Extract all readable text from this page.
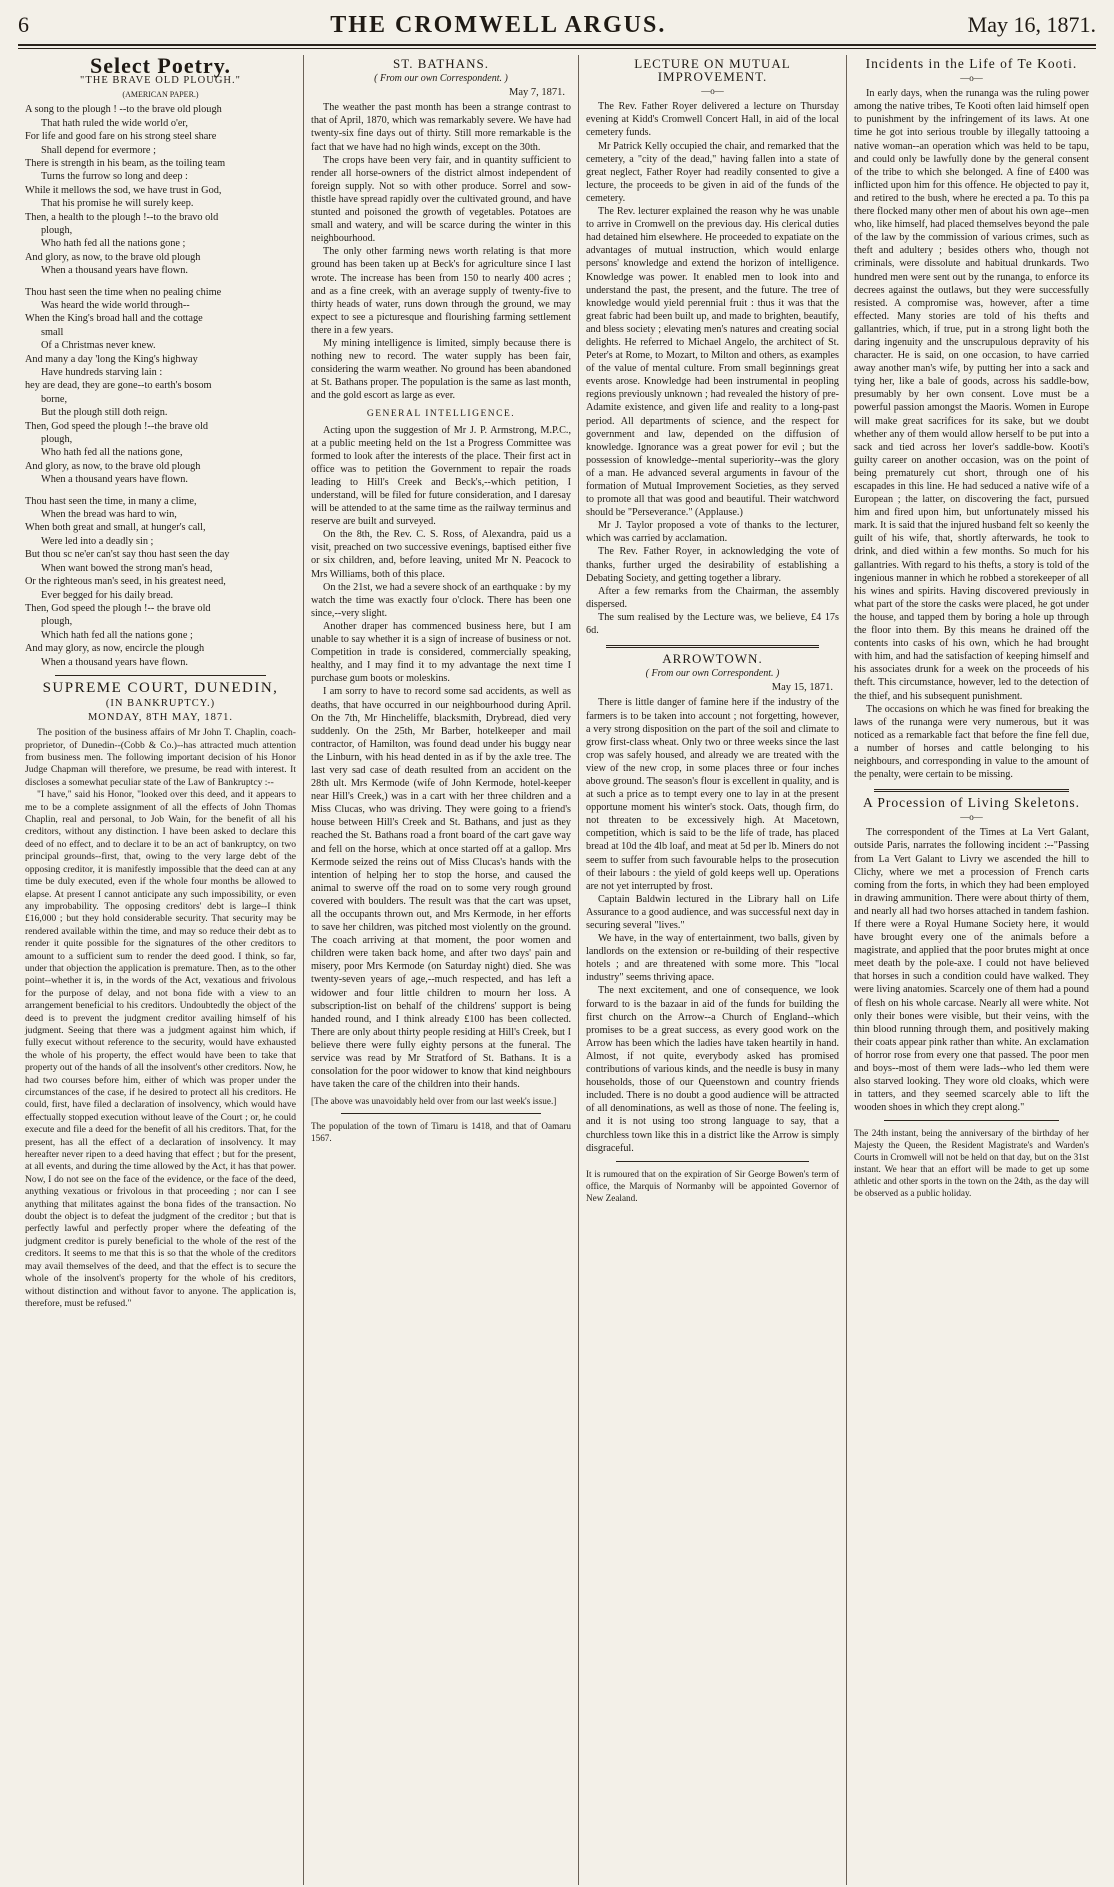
6	THE CROMWELL ARGUS.	May 16, 1871.
Select Poetry.
"THE BRAVE OLD PLOUGH."
(AMERICAN PAPER.)
A song to the plough ! --to the brave old plough
That hath ruled the wide world o'er,
For life and good fare on his strong steel share
Shall depend for evermore ;
There is strength in his beam, as the toiling team
Turns the furrow so long and deep :
While it mellows the sod, we have trust in God,
That his promise he will surely keep.
Then, a health to the plough !--to the bravo old
plough,
Who hath fed all the nations gone ;
And glory, as now, to the brave old plough
When a thousand years have flown.
Thou hast seen the time when no pealing chime
Was heard the wide world through--
When the King's broad hall and the cottage
small
Of a Christmas never knew.
And many a day 'long the King's highway
Have hundreds starving lain :
hey are dead, they are gone--to earth's bosom
borne,
But the plough still doth reign.
Then, God speed the plough !--the brave old
plough,
Who hath fed all the nations gone,
And glory, as now, to the brave old plough
When a thousand years have flown.
Thou hast seen the time, in many a clime,
When the bread was hard to win,
When both great and small, at hunger's call,
Were led into a deadly sin ;
But thou sc ne'er can'st say thou hast seen the day
When want bowed the strong man's head,
Or the righteous man's seed, in his greatest need,
Ever begged for his daily bread.
Then, God speed the plough !-- the brave old
plough,
Which hath fed all the nations gone ;
And may glory, as now, encircle the plough
When a thousand years have flown.
SUPREME COURT, DUNEDIN,
(IN BANKRUPTCY.)
MONDAY, 8TH MAY, 1871.

The position of the business affairs of Mr John T. Chaplin, coach-proprietor, of Dunedin--(Cobb & Co.)--has attracted much attention from business men. The following important decision of his Honor Judge Chapman will therefore, we presume, be read with interest. It discloses a somewhat peculiar state of the Law of Bankruptcy :--

"I have," said his Honor, "looked over this deed, and it appears to me to be a complete assignment of all the effects of John Thomas Chaplin, real and personal, to Job Wain, for the benefit of all his creditors, without any distinction. I have been asked to declare this deed of no effect, and to declare it to be an act of bankruptcy, on two principal grounds--first, that, owing to the very large debt of the opposing creditor, it is manifestly impossible that the deed can at any time be duly executed, even if the whole four months be allowed to elapse. At present I cannot anticipate any such impossibility, or even any improbability. The opposing creditors' debt is large--I think £16,000 ; but they hold considerable security. That security may be rendered available within the time, and may so reduce their debt as to render it quite possible for the signatures of the other creditors to amount to a sufficient sum to render the deed good. I think, so far, under that objection the application is premature. Then, as to the other point--whether it is, in the words of the Act, vexatious and frivolous for the purpose of delay, and not bona fide with a view to an arrangement beneficial to his creditors. Undoubtedly the object of the deed is to prevent the judgment creditor availing himself of his judgment. Seeing that there was a judgment against him which, if fully execut without reference to the security, would have exhausted the whole of his property, the effect would have been to take that property out of the hands of all the insolvent's other creditors. Now, he had two courses before him, either of which was proper under the circumstances of the case, if he desired to protect all his creditors. He could, first, have filed a declaration of insolvency, which would have effectually stopped execution without leave of the Court ; or, he could execute and file a deed for the benefit of all his creditors. That, for the present, has all the effect of a declaration of insolvency. It may hereafter never ripen to a deed having that effect ; but for the present, at all events, and during the time allowed by the Act, it has that power. Now, I do not see on the face of the evidence, or the face of the deed, anything vexatious or frivolous in that proceeding ; nor can I see anything that militates against the bona fides of the transaction. No doubt the object is to defeat the judgment of the creditor ; but that is perfectly lawful and perfectly proper where the defeating of the judgment creditor is purely beneficial to the whole of the rest of the creditors. It seems to me that this is so that the whole of the creditors may avail themselves of the deed, and that the effect is to secure the whole of the insolvent's property for the whole of his creditors, without distinction and without favor to anyone. The application is, therefore, must be refused."

ST. BATHANS.
( From our own Correspondent. )
May 7, 1871.

The weather the past month has been a strange contrast to that of April, 1870, which was remarkably severe. We have had twenty-six fine days out of thirty. Still more remarkable is the fact that we have had no high winds, except on the 30th.

The crops have been very fair, and in quantity sufficient to render all horse-owners of the district almost independent of foreign supply. Not so with other produce. Sorrel and sow-thistle have spread rapidly over the cultivated ground, and have stunted and poisoned the growth of vegetables. Potatoes are small and watery, and will be scarce during the winter in this neighbourhood.

The only other farming news worth relating is that more ground has been taken up at Beck's for agriculture since I last wrote. The increase has been from 150 to nearly 400 acres ; and as a fine creek, with an average supply of twenty-five to thirty heads of water, runs down through the ground, we may expect to see a picturesque and flourishing farming settlement there in a few years.

My mining intelligence is limited, simply because there is nothing new to record. The water supply has been fair, considering the warm weather. No ground has been abandoned at St. Bathans proper. The population is the same as last month, and the gold escort as large as ever.

GENERAL INTELLIGENCE.

Acting upon the suggestion of Mr J. P. Armstrong, M.P.C., at a public meeting held on the 1st a Progress Committee was formed to look after the interests of the place. Their first act in office was to petition the Government to repair the roads leading to Hill's Creek and Beck's,--which petition, I understand, will be filed for future consideration, and I daresay will be attended to at the same time as the railway terminus and reserve are built and surveyed.

On the 8th, the Rev. C. S. Ross, of Alexandra, paid us a visit, preached on two successive evenings, baptised either five or six children, and, before leaving, united Mr N. Peacock to Mrs Williams, both of this place.

On the 21st, we had a severe shock of an earthquake : by my watch the time was exactly four o'clock. There has been one since,--very slight.

Another draper has commenced business here, but I am unable to say whether it is a sign of increase of business or not. Competition in trade is considered, commercially speaking, healthy, and I may find it to my advantage the next time I purchase gum boots or moleskins.

I am sorry to have to record some sad accidents, as well as deaths, that have occurred in our neighbourhood during April. On the 7th, Mr Hincheliffe, blacksmith, Drybread, died very suddenly. On the 25th, Mr Barber, hotelkeeper and mail contractor, of Hamilton, was found dead under his buggy near the Linburn, with his head dented in as if by the axle tree. The last very sad case of death resulted from an accident on the 28th ult. Mrs Kermode (wife of John Kermode, hotel-keeper near Hill's Creek,) was in a cart with her three children and a Miss Clucas, who was driving. They were going to a friend's house between Hill's Creek and St. Bathans, and just as they reached the St. Bathans road a front board of the cart gave way and fell on the horse, which at once started off at a gallop. Mrs Kermode seized the reins out of Miss Clucas's hands with the intention of helping her to stop the horse, and caused the animal to swerve off the road on to some very rough ground covered with boulders. The result was that the cart was upset, all the occupants thrown out, and Mrs Kermode, in her efforts to save her children, was pitched most violently on the ground. The coach arriving at that moment, the poor women and children were taken back home, and after two days' pain and misery, poor Mrs Kermode (on Saturday night) died. She was twenty-seven years of age,--much respected, and has left a widower and four little children to mourn her loss. A subscription-list on behalf of the childrens' support is being handed round, and I think already £100 has been collected. There are only about thirty people residing at Hill's Creek, but I believe there were fully eighty persons at the funeral. The service was read by Mr Stratford of St. Bathans. It is a consolation for the poor widower to know that kind neighbours have taken the care of the children into their hands.

[The above was unavoidably held over from our last week's issue.]
The population of the town of Timaru is 1418, and that of Oamaru 1567.
LECTURE ON MUTUAL IMPROVEMENT.
—o—

The Rev. Father Royer delivered a lecture on Thursday evening at Kidd's Cromwell Concert Hall, in aid of the local cemetery funds.

Mr Patrick Kelly occupied the chair, and remarked that the cemetery, a "city of the dead," having fallen into a state of great neglect, Father Royer had readily consented to give a lecture, the proceeds to be given in aid of the funds of the cemetery.

The Rev. lecturer explained the reason why he was unable to arrive in Cromwell on the previous day. His clerical duties had detained him elsewhere. He proceeded to expatiate on the advantages of mutual instruction, which would enlarge persons' knowledge and extend the horizon of intelligence. Knowledge was power. It enabled men to look into and understand the past, the present, and the future. The tree of knowledge would yield perennial fruit : thus it was that the great fabric had been built up, and made to brighten, beautify, and bless society ; elevating men's natures and creating social delights. He referred to Michael Angelo, the architect of St. Peter's at Rome, to Mozart, to Milton and others, as examples of the value of mental culture. From small beginnings great events arose. Knowledge had been instrumental in peopling regions previously unknown ; had revealed the history of pre-Adamite existence, and given life and reality to a long-past period. All departments of science, and the respect for government and law, depended on the diffusion of knowledge. Ignorance was a great power for evil ; but the possession of knowledge--mental superiority--was the glory of a man. He advanced several arguments in favour of the formation of Mutual Improvement Societies, as they served to promote all that was good and beautiful. Their watchword should be "Perseverance." (Applause.)

Mr J. Taylor proposed a vote of thanks to the lecturer, which was carried by acclamation.

The Rev. Father Royer, in acknowledging the vote of thanks, further urged the desirability of establishing a Debating Society, and getting together a library.

After a few remarks from the Chairman, the assembly dispersed.

The sum realised by the Lecture was, we believe, £4 17s 6d.

ARROWTOWN.
( From our own Correspondent. )
May 15, 1871.

There is little danger of famine here if the industry of the farmers is to be taken into account ; not forgetting, however, a very strong disposition on the part of the soil and climate to grow first-class wheat. Only two or three weeks since the last crop was safely housed, and already we are treated with the view of the new crop, in some places three or four inches above ground. The season's flour is excellent in quality, and is at such a price as to tempt every one to lay in at the present opportune moment his winter's stock. Oats, though firm, do not threaten to be excessively high. At Macetown, competition, which is said to be the life of trade, has placed bread at 10d the 4lb loaf, and meat at 5d per lb. Miners do not seem to suffer from such favourable helps to the prosecution of their labours : the yield of gold keeps well up. Operations are not yet interrupted by frost.

Captain Baldwin lectured in the Library hall on Life Assurance to a good audience, and was successful next day in securing several "lives."

We have, in the way of entertainment, two balls, given by landlords on the extension or re-building of their respective hotels ; and are threatened with some more. This "local industry" seems thriving apace.

The next excitement, and one of consequence, we look forward to is the bazaar in aid of the funds for building the first church on the Arrow--a Church of England--which promises to be a great success, as every good work on the Arrow has been which the ladies have taken heartily in hand. Almost, if not quite, everybody asked has promised contributions of various kinds, and the needle is busy in many households, those of our Queenstown and country friends included. There is no doubt a good audience will be attracted of all denominations, as well as those of none. The feeling is, and it is not using too strong language to say, that a churchless town like this in a district like the Arrow is simply disgraceful.

It is rumoured that on the expiration of Sir George Bowen's term of office, the Marquis of Normanby will be appointed Governor of New Zealand.
Incidents in the Life of Te Kooti.
—o—

In early days, when the runanga was the ruling power among the native tribes, Te Kooti often laid himself open to punishment by the infringement of its laws. At one time he got into serious trouble by illegally tattooing a native woman--an operation which was held to be tapu, and could only be lawfully done by the general consent of the tribe to which she belonged. A fine of £400 was inflicted upon him for this offence. He objected to pay it, and retired to the bush, where he erected a pa. To this pa there flocked many other men of about his own age--men who, like himself, had placed themselves beyond the pale of the law by the commission of various crimes, such as theft and adultery ; besides others who, though not criminals, were dissolute and habitual drunkards. Two hundred men were sent out by the runanga, to enforce its decrees against the outlaws, but they were successfully resisted. A compromise was, however, after a time effected. Many stories are told of his thefts and gallantries, which, if true, put in a strong light both the daring ingenuity and the unscrupulous depravity of his character. He is said, on one occasion, to have carried away another man's wife, by putting her into a sack and tying her, like a bale of goods, across his saddle-bow, presumably by her own consent. Love must be a powerful passion amongst the Maoris. Women in Europe will make great sacrifices for its sake, but we doubt whether any of them would allow herself to be put into a sack and tied across her lover's saddle-bow. Kooti's guilty career on another occasion, was on the point of being prematurely cut short, through one of his escapades in this line. He had seduced a native wife of a European ; the latter, on discovering the fact, pursued him and fired upon him, but unfortunately missed his mark. It is said that the injured husband felt so keenly the guilt of his wife, that, shortly afterwards, he took to drink, and died within a few months. So much for his gallantries. With regard to his thefts, a story is told of the ingenious manner in which he robbed a storekeeper of all his wines and spirits. Having discovered previously in what part of the store the casks were placed, he got under the house, and tapped them by boring a hole up through the floor into them. By this means he drained off the contents into casks of his own, which he had brought with him, and had the satisfaction of keeping himself and his associates drunk for a week on the proceeds of his theft. This circumstance, however, led to the detection of the thief, and his subsequent punishment.

The occasions on which he was fined for breaking the laws of the runanga were very numerous, but it was noticed as a remarkable fact that before the fine fell due, a number of horses and cattle belonging to his neighbours, and corresponding in value to the amount of the penalty, were certain to be missing.

A Procession of Living Skeletons.
—o—

The correspondent of the Times at La Vert Galant, outside Paris, narrates the following incident :--"Passing from La Vert Galant to Livry we ascended the hill to Clichy, where we met a procession of French carts coming from the forts, in which they had been employed in drawing ammunition. There were about thirty of them, and nearly all had two horses attached in tandem fashion. If there were a Royal Humane Society here, it would have brought every one of the animals before a magistrate, and applied that the poor brutes might at once meet death by the pole-axe. I could not have believed that horses in such a condition could have walked. They were living anatomies. Scarcely one of them had a pound of flesh on his whole carcase. Nearly all were white. Not only their bones were visible, but their veins, with the thin blood running through them, and positively making their coats appear pink rather than white. An exclamation of horror rose from every one that passed. The poor men and boys--most of them were lads--who led them were also starved looking. They wore old cloaks, which were in tatters, and they seemed scarcely able to lift the wooden shoes in which they crept along."

The 24th instant, being the anniversary of the birthday of her Majesty the Queen, the Resident Magistrate's and Warden's Courts in Cromwell will not be held on that day, but on the 31st instant. We hear that an effort will be made to get up some athletic and other sports in the town on the 24th, as the day will be observed as a public holiday.
